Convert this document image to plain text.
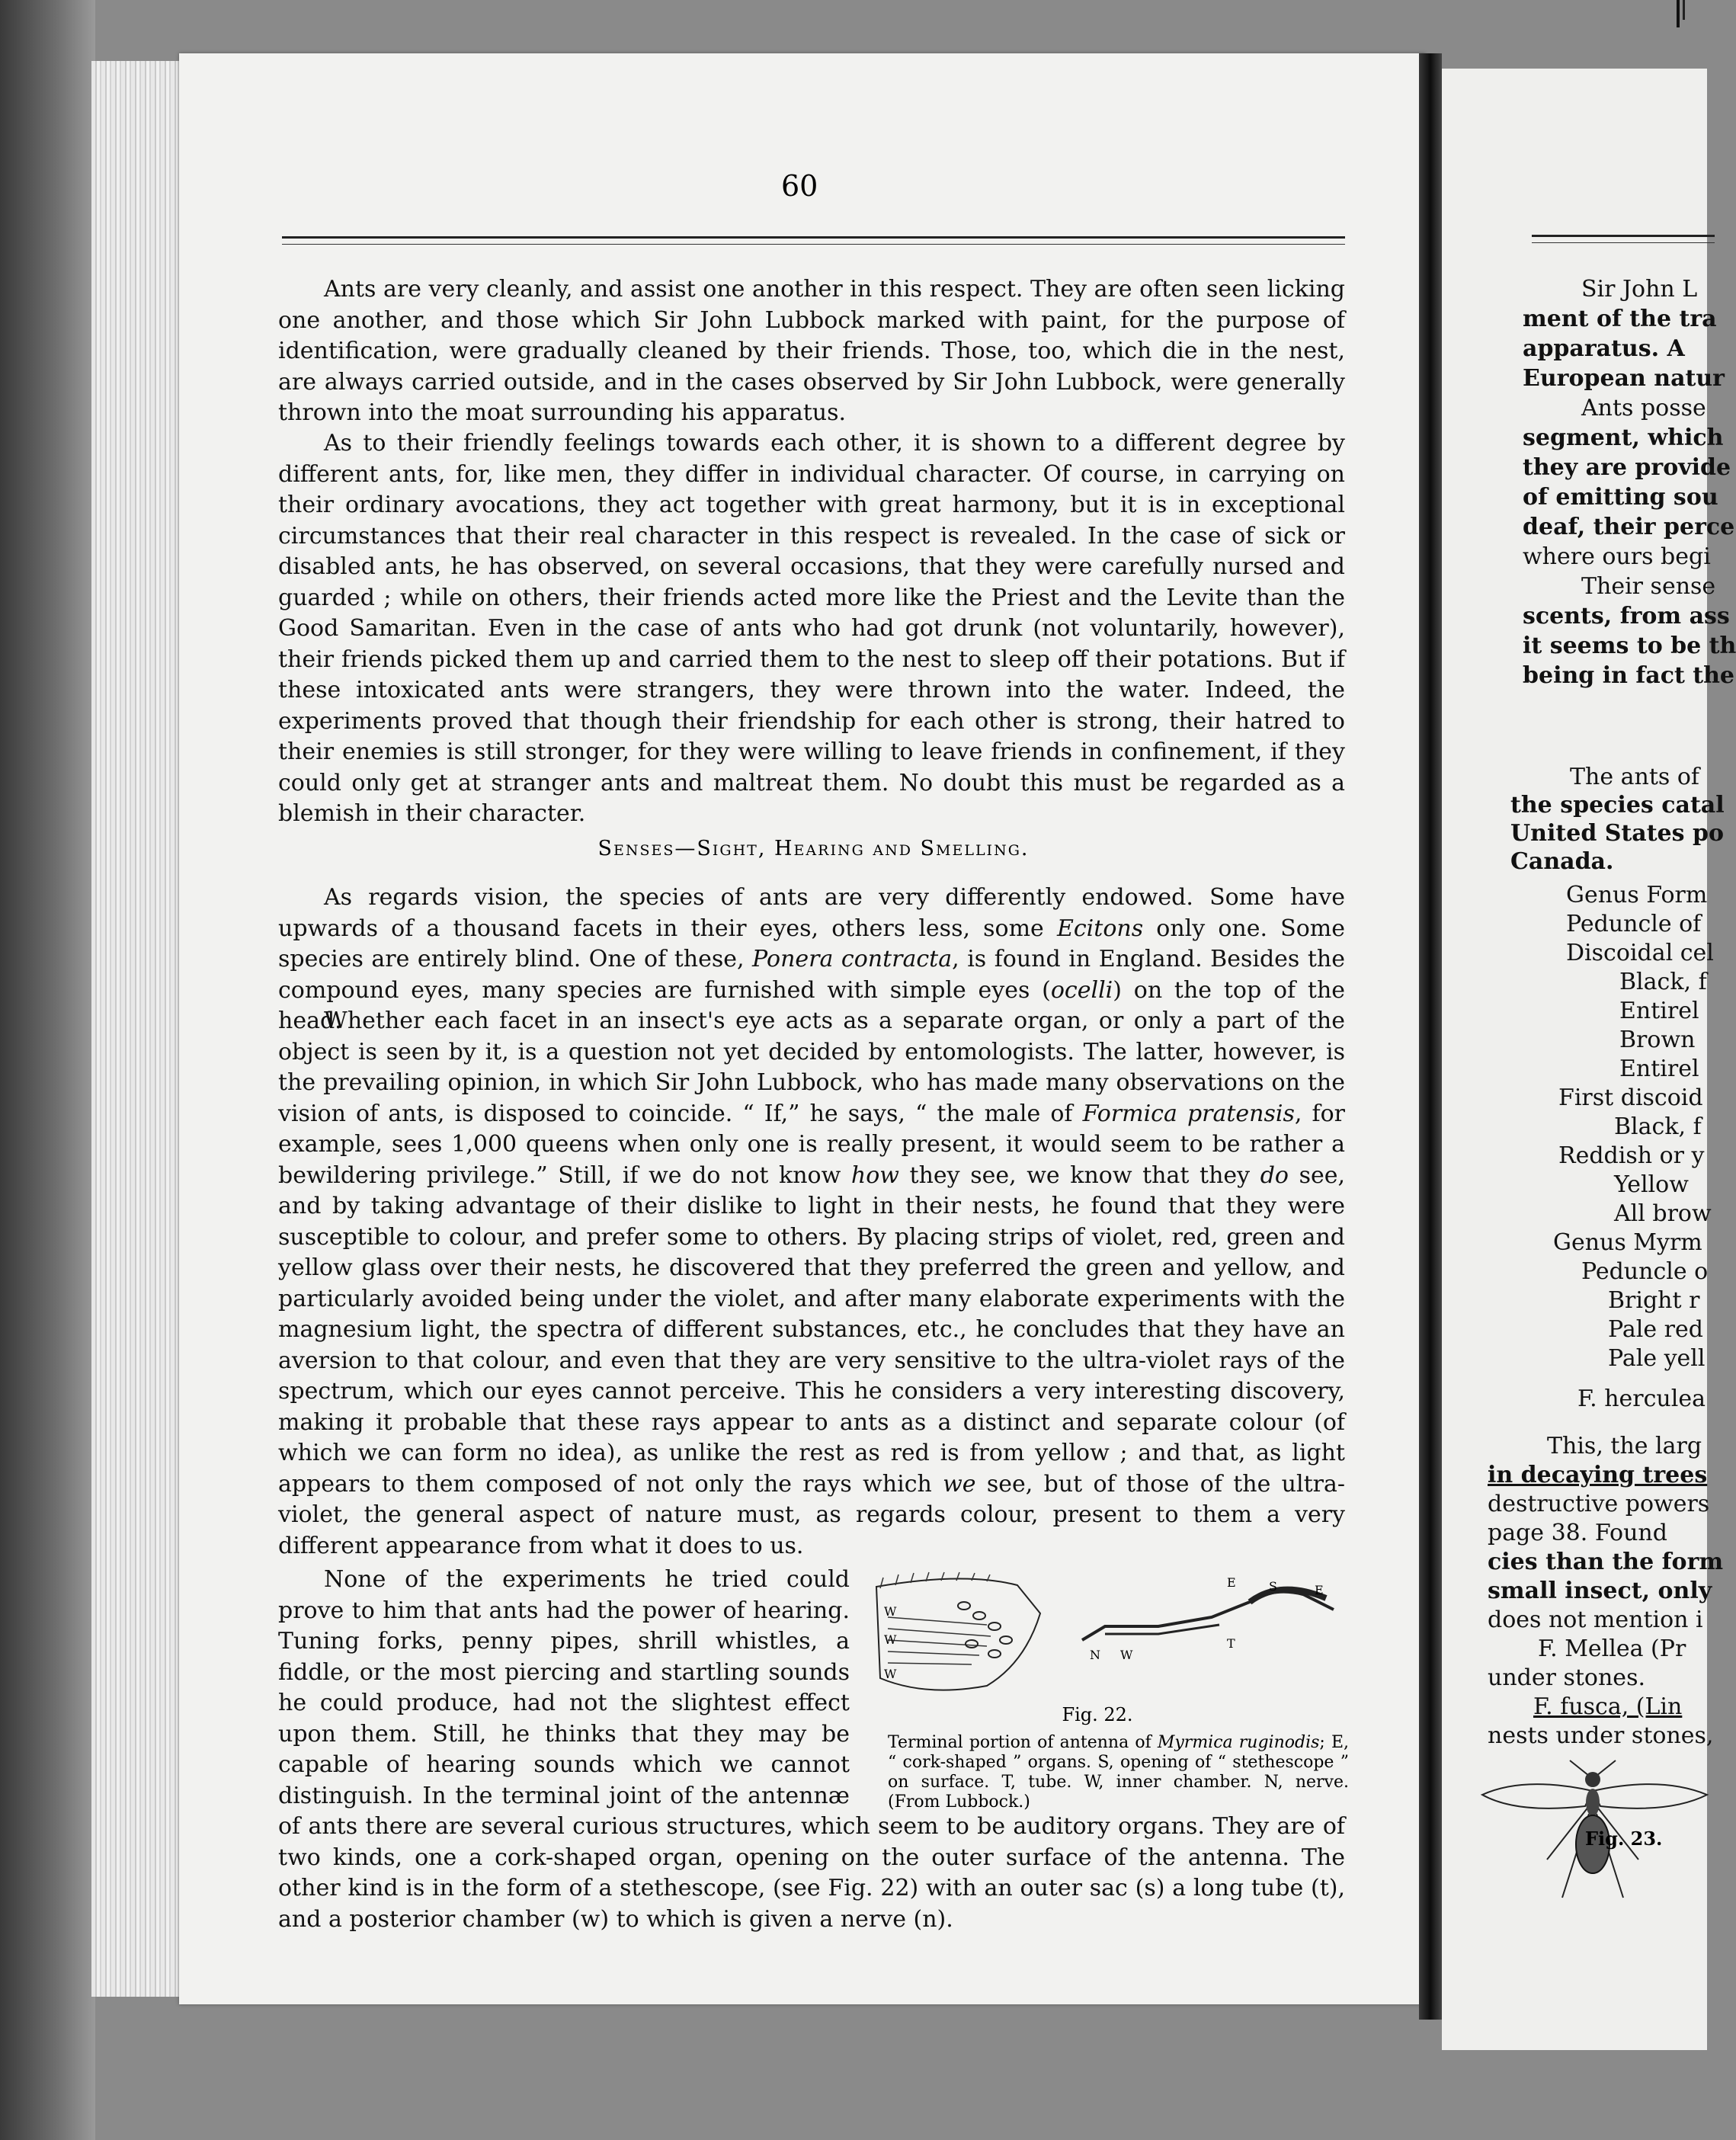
60

Ants are very cleanly, and assist one another in this respect. They are often seen licking one another, and those which Sir John Lubbock marked with paint, for the purpose of identification, were gradually cleaned by their friends. Those, too, which die in the nest, are always carried outside, and in the cases observed by Sir John Lubbock, were generally thrown into the moat surrounding his apparatus.

As to their friendly feelings towards each other, it is shown to a different degree by different ants, for, like men, they differ in individual character. Of course, in carrying on their ordinary avocations, they act together with great harmony, but it is in exceptional circumstances that their real character in this respect is revealed. In the case of sick or disabled ants, he has observed, on several occasions, that they were carefully nursed and guarded ; while on others, their friends acted more like the Priest and the Levite than the Good Samaritan. Even in the case of ants who had got drunk (not voluntarily, however), their friends picked them up and carried them to the nest to sleep off their potations. But if these intoxicated ants were strangers, they were thrown into the water. Indeed, the experiments proved that though their friendship for each other is strong, their hatred to their enemies is still stronger, for they were willing to leave friends in confinement, if they could only get at stranger ants and maltreat them. No doubt this must be regarded as a blemish in their character.

Senses—Sight, Hearing and Smelling.

As regards vision, the species of ants are very differently endowed. Some have upwards of a thousand facets in their eyes, others less, some Ecitons only one. Some species are entirely blind. One of these, Ponera contracta, is found in England. Besides the compound eyes, many species are furnished with simple eyes (ocelli) on the top of the head.

Whether each facet in an insect's eye acts as a separate organ, or only a part of the object is seen by it, is a question not yet decided by entomologists. The latter, however, is the prevailing opinion, in which Sir John Lubbock, who has made many observations on the vision of ants, is disposed to coincide. “ If,” he says, “ the male of Formica pratensis, for example, sees 1,000 queens when only one is really present, it would seem to be rather a bewildering privilege.” Still, if we do not know how they see, we know that they do see, and by taking advantage of their dislike to light in their nests, he found that they were susceptible to colour, and prefer some to others. By placing strips of violet, red, green and yellow glass over their nests, he discovered that they preferred the green and yellow, and particularly avoided being under the violet, and after many elaborate experiments with the magnesium light, the spectra of different substances, etc., he concludes that they have an aversion to that colour, and even that they are very sensitive to the ultra-violet rays of the spectrum, which our eyes cannot perceive. This he considers a very interesting discovery, making it probable that these rays appear to ants as a distinct and separate colour (of which we can form no idea), as unlike the rest as red is from yellow ; and that, as light appears to them composed of not only the rays which we see, but of those of the ultra-violet, the general aspect of nature must, as regards colour, present to them a very different appearance from what it does to us.

None of the experiments he tried could prove to him that ants had the power of hearing. Tuning forks, penny pipes, shrill whistles, a fiddle, or the most piercing and startling sounds he could produce, had not the slightest effect upon them. Still, he thinks that they may be capable of hearing sounds which we cannot distinguish. In the terminal joint of the antennæ of ants there are several curious structures, which seem to be auditory organs. They are of two kinds, one a cork-shaped organ, opening on the outer surface of the antenna. The other kind is in the form of a stethescope, (see Fig. 22) with an outer sac (s) a long tube (t), and a posterior chamber (w) to which is given a nerve (n).

W
W
W
E	S	E
N W
T
Fig. 22.
Terminal portion of antenna of Myrmica ruginodis; E, “ cork-shaped ” organs. S, opening of “ stethescope ” on surface. T, tube. W, inner chamber. N, nerve. (From Lubbock.)
Sir John L
ment of the tra
apparatus. A
European natur
Ants posse
segment, which
they are provide
of emitting sou
deaf, their perce
where ours begi
Their sense
scents, from ass
it seems to be th
being in fact the
The ants of
the species catal
United States po
Canada.
Genus Form
Peduncle of
Discoidal cel
Black, f
Entirel
Brown
Entirel
First discoid
Black, f
Reddish or y
Yellow
All brow
Genus Myrm
Peduncle o
Bright r
Pale red
Pale yell
F. herculea
This, the larg
in decaying trees
destructive powers
page 38. Found
cies than the form
small insect, only
does not mention i
F. Mellea (Pr
under stones.
F. fusca, (Lin
nests under stones,
Fig. 23.
